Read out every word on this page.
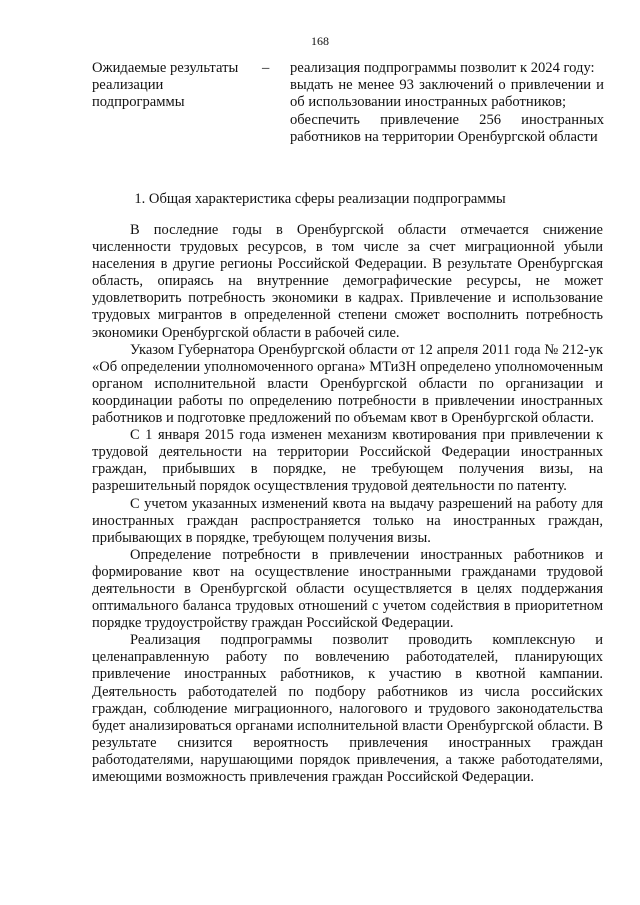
168
Ожидаемые результаты реализации подпрограммы
– реализация подпрограммы позволит к 2024 году:

выдать не менее 93 заключений о привлечении и об использовании иностранных работников;

обеспечить привлечение 256 иностранных работников на территории Оренбургской области

1. Общая характеристика сферы реализации подпрограммы

В последние годы в Оренбургской области отмечается снижение численности трудовых ресурсов, в том числе за счет миграционной убыли населения в другие регионы Российской Федерации. В результате Оренбургская область, опираясь на внутренние демографические ресурсы, не может удовлетворить потребность экономики в кадрах. Привлечение и использование трудовых мигрантов в определенной степени сможет восполнить потребность экономики Оренбургской области в рабочей силе.

Указом Губернатора Оренбургской области от 12 апреля 2011 года № 212-ук «Об определении уполномоченного органа» МТиЗН определено уполномоченным органом исполнительной власти Оренбургской области по организации и координации работы по определению потребности в привлечении иностранных работников и подготовке предложений по объемам квот в Оренбургской области.

С 1 января 2015 года изменен механизм квотирования при привлечении к трудовой деятельности на территории Российской Федерации иностранных граждан, прибывших в порядке, не требующем получения визы, на разрешительный порядок осуществления трудовой деятельности по патенту.

С учетом указанных изменений квота на выдачу разрешений на работу для иностранных граждан распространяется только на иностранных граждан, прибывающих в порядке, требующем получения визы.

Определение потребности в привлечении иностранных работников и формирование квот на осуществление иностранными гражданами трудовой деятельности в Оренбургской области осуществляется в целях поддержания оптимального баланса трудовых отношений с учетом содействия в приоритетном порядке трудоустройству граждан Российской Федерации.

Реализация подпрограммы позволит проводить комплексную и целенаправленную работу по вовлечению работодателей, планирующих привлечение иностранных работников, к участию в квотной кампании. Деятельность работодателей по подбору работников из числа российских граждан, соблюдение миграционного, налогового и трудового законодательства будет анализироваться органами исполнительной власти Оренбургской области. В результате снизится вероятность привлечения иностранных граждан работодателями, нарушающими порядок привлечения, а также работодателями, имеющими возможность привлечения граждан Российской Федерации.
